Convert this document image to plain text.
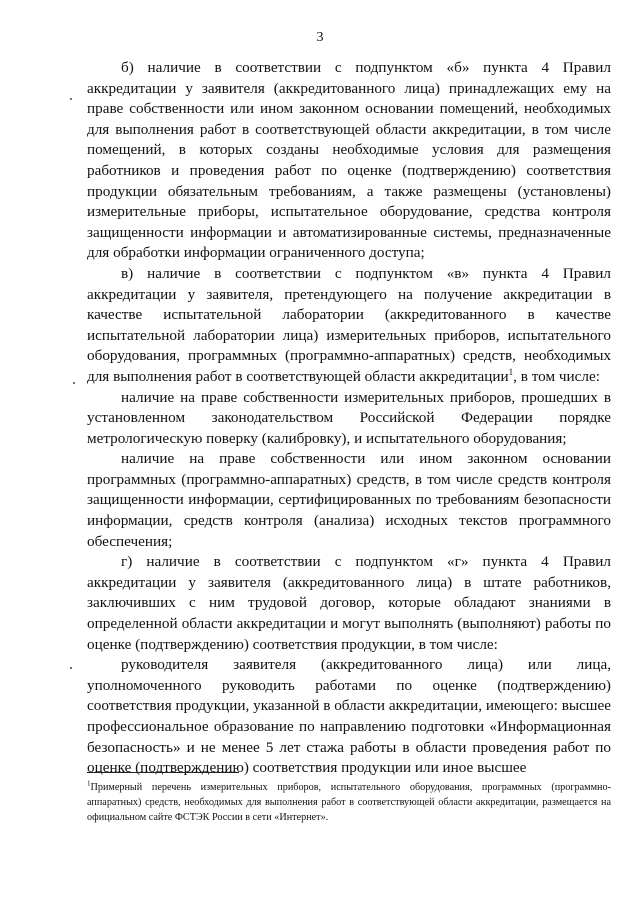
3

б) наличие в соответствии с подпунктом «б» пункта 4 Правил аккредитации у заявителя (аккредитованного лица) принадлежащих ему на праве собственности или ином законном основании помещений, необходимых для выполнения работ в соответствующей области аккредитации, в том числе помещений, в которых созданы необходимые условия для размещения работников и проведения работ по оценке (подтверждению) соответствия продукции обязательным требованиям, а также размещены (установлены) измерительные приборы, испытательное оборудование, средства контроля защищенности информации и автоматизированные системы, предназначенные для обработки информации ограниченного доступа;

в) наличие в соответствии с подпунктом «в» пункта 4 Правил аккредитации у заявителя, претендующего на получение аккредитации в качестве испытательной лаборатории (аккредитованного в качестве испытательной лаборатории лица) измерительных приборов, испытательного оборудования, программных (программно-аппаратных) средств, необходимых для выполнения работ в соответствующей области аккредитации$^1$, в том числе:

наличие на праве собственности измерительных приборов, прошедших в установленном законодательством Российской Федерации порядке метрологическую поверку (калибровку), и испытательного оборудования;

наличие на праве собственности или ином законном основании программных (программно-аппаратных) средств, в том числе средств контроля защищенности информации, сертифицированных по требованиям безопасности информации, средств контроля (анализа) исходных текстов программного обеспечения;

г) наличие в соответствии с подпунктом «г» пункта 4 Правил аккредитации у заявителя (аккредитованного лица) в штате работников, заключивших с ним трудовой договор, которые обладают знаниями в определенной области аккредитации и могут выполнять (выполняют) работы по оценке (подтверждению) соответствия продукции, в том числе:

руководителя заявителя (аккредитованного лица) или лица, уполномоченного руководить работами по оценке (подтверждению) соответствия продукции, указанной в области аккредитации, имеющего: высшее профессиональное образование по направлению подготовки «Информационная безопасность» и не менее 5 лет стажа работы в области проведения работ по оценке (подтверждению) соответствия продукции или иное высшее

$^1$Примерный перечень измерительных приборов, испытательного оборудования, программных (программно-аппаратных) средств, необходимых для выполнения работ в соответствующей области аккредитации, размещается на официальном сайте ФСТЭК России в сети «Интернет».
